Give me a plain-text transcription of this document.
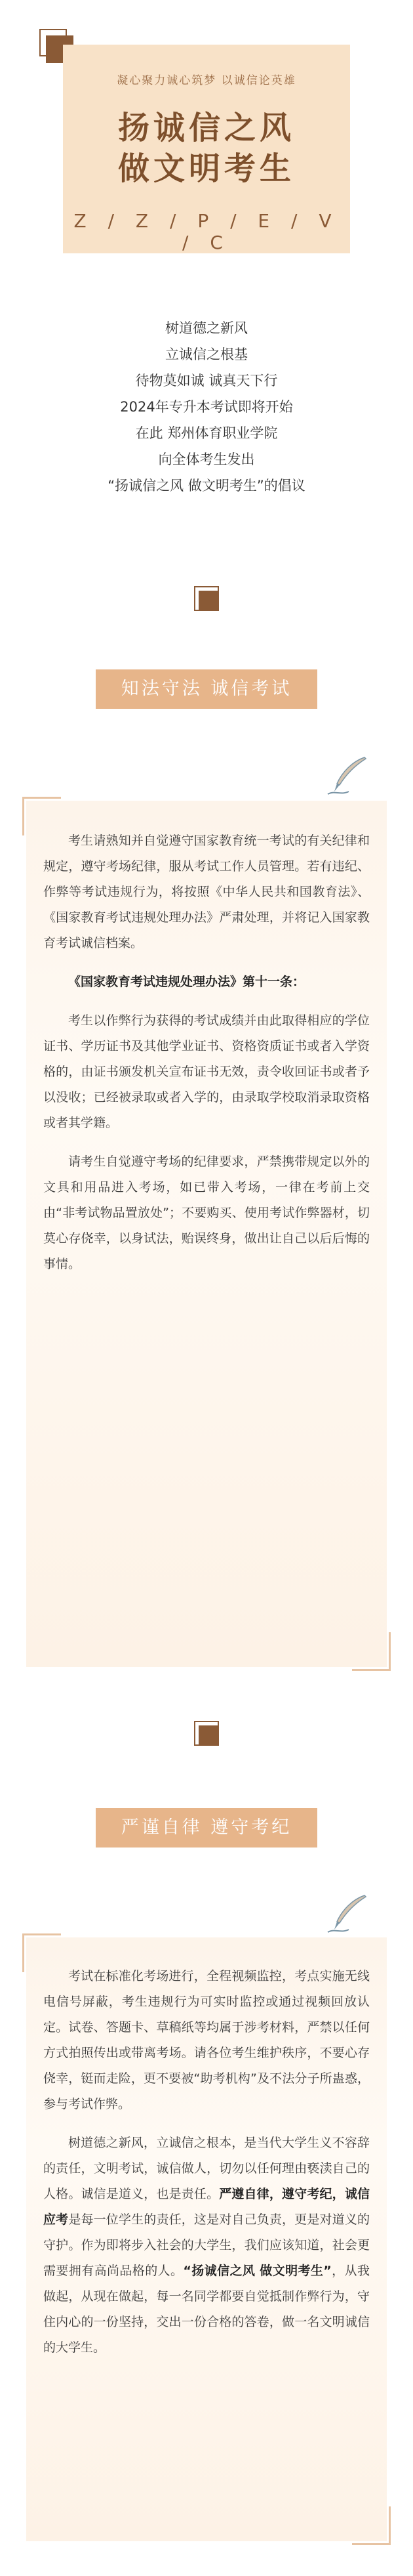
凝心聚力诚心筑梦 以诚信论英雄
扬诚信之风
做文明考生
Z / Z / P / E / V / C
树道德之新风
立诚信之根基
待物莫如诚 诚真天下行
2024年专升本考试即将开始
在此 郑州体育职业学院
向全体考生发出
“扬诚信之风 做文明考生”的倡议
知法守法 诚信考试

考生请熟知并自觉遵守国家教育统一考试的有关纪律和规定，遵守考场纪律，服从考试工作人员管理。若有违纪、作弊等考试违规行为，将按照《中华人民共和国教育法》、《国家教育考试违规处理办法》严肃处理，并将记入国家教育考试诚信档案。

《国家教育考试违规处理办法》第十一条：

考生以作弊行为获得的考试成绩并由此取得相应的学位证书、学历证书及其他学业证书、资格资质证书或者入学资格的，由证书颁发机关宣布证书无效，责令收回证书或者予以没收；已经被录取或者入学的，由录取学校取消录取资格或者其学籍。

请考生自觉遵守考场的纪律要求，严禁携带规定以外的文具和用品进入考场，如已带入考场，一律在考前上交由“非考试物品置放处”；不要购买、使用考试作弊器材，切莫心存侥幸，以身试法，贻误终身，做出让自己以后后悔的事情。

严谨自律 遵守考纪

考试在标准化考场进行，全程视频监控，考点实施无线电信号屏蔽，考生违规行为可实时监控或通过视频回放认定。试卷、答题卡、草稿纸等均属于涉考材料，严禁以任何方式拍照传出或带离考场。请各位考生维护秩序，不要心存侥幸，铤而走险，更不要被“助考机构”及不法分子所蛊惑，参与考试作弊。

树道德之新风，立诚信之根本，是当代大学生义不容辞的责任，文明考试，诚信做人，切勿以任何理由亵渎自己的人格。诚信是道义，也是责任。严遵自律，遵守考纪，诚信应考是每一位学生的责任，这是对自己负责，更是对道义的守护。作为即将步入社会的大学生，我们应该知道，社会更需要拥有高尚品格的人。“扬诚信之风 做文明考生”，从我做起，从现在做起，每一名同学都要自觉抵制作弊行为，守住内心的一份坚持，交出一份合格的答卷，做一名文明诚信的大学生。
